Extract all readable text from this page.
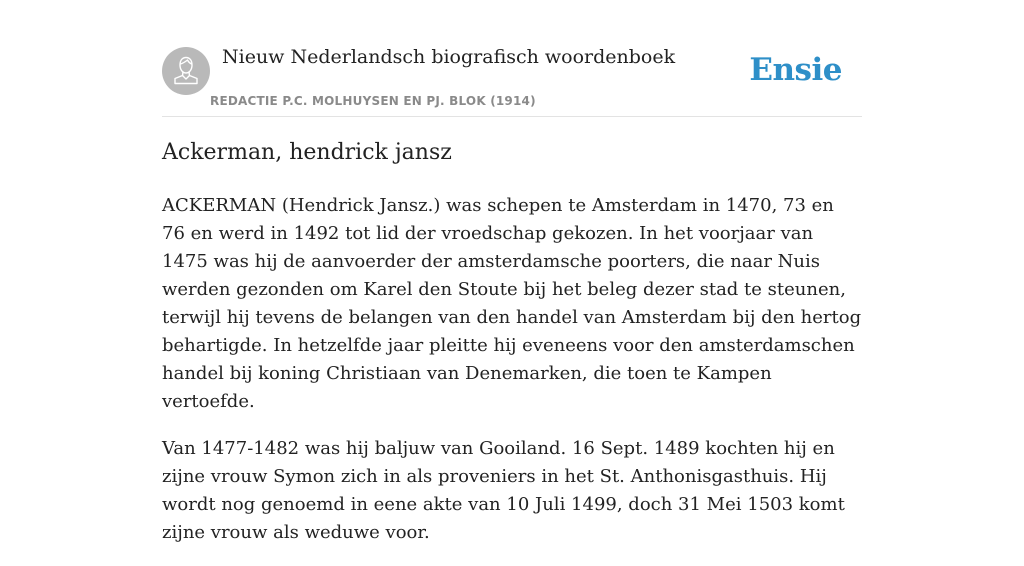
Nieuw Nederlandsch biografisch woordenboek
REDACTIE P.C. MOLHUYSEN EN PJ. BLOK (1914)
Ensie
Ackerman, hendrick jansz

ACKERMAN (Hendrick Jansz.) was schepen te Amsterdam in 1470, 73 en 76 en werd in 1492 tot lid der vroedschap gekozen. In het voorjaar van 1475 was hij de aanvoerder der amsterdamsche poorters, die naar Nuis werden gezonden om Karel den Stoute bij het beleg dezer stad te steunen, terwijl hij tevens de belangen van den handel van Amsterdam bij den hertog behartigde. In hetzelfde jaar pleitte hij eveneens voor den amsterdamschen handel bij koning Christiaan van Denemarken, die toen te Kampen vertoefde.

Van 1477-1482 was hij baljuw van Gooiland. 16 Sept. 1489 kochten hij en zijne vrouw Symon zich in als proveniers in het St. Anthonisgasthuis. Hij wordt nog genoemd in eene akte van 10 Juli 1499, doch 31 Mei 1503 komt zijne vrouw als weduwe voor.
